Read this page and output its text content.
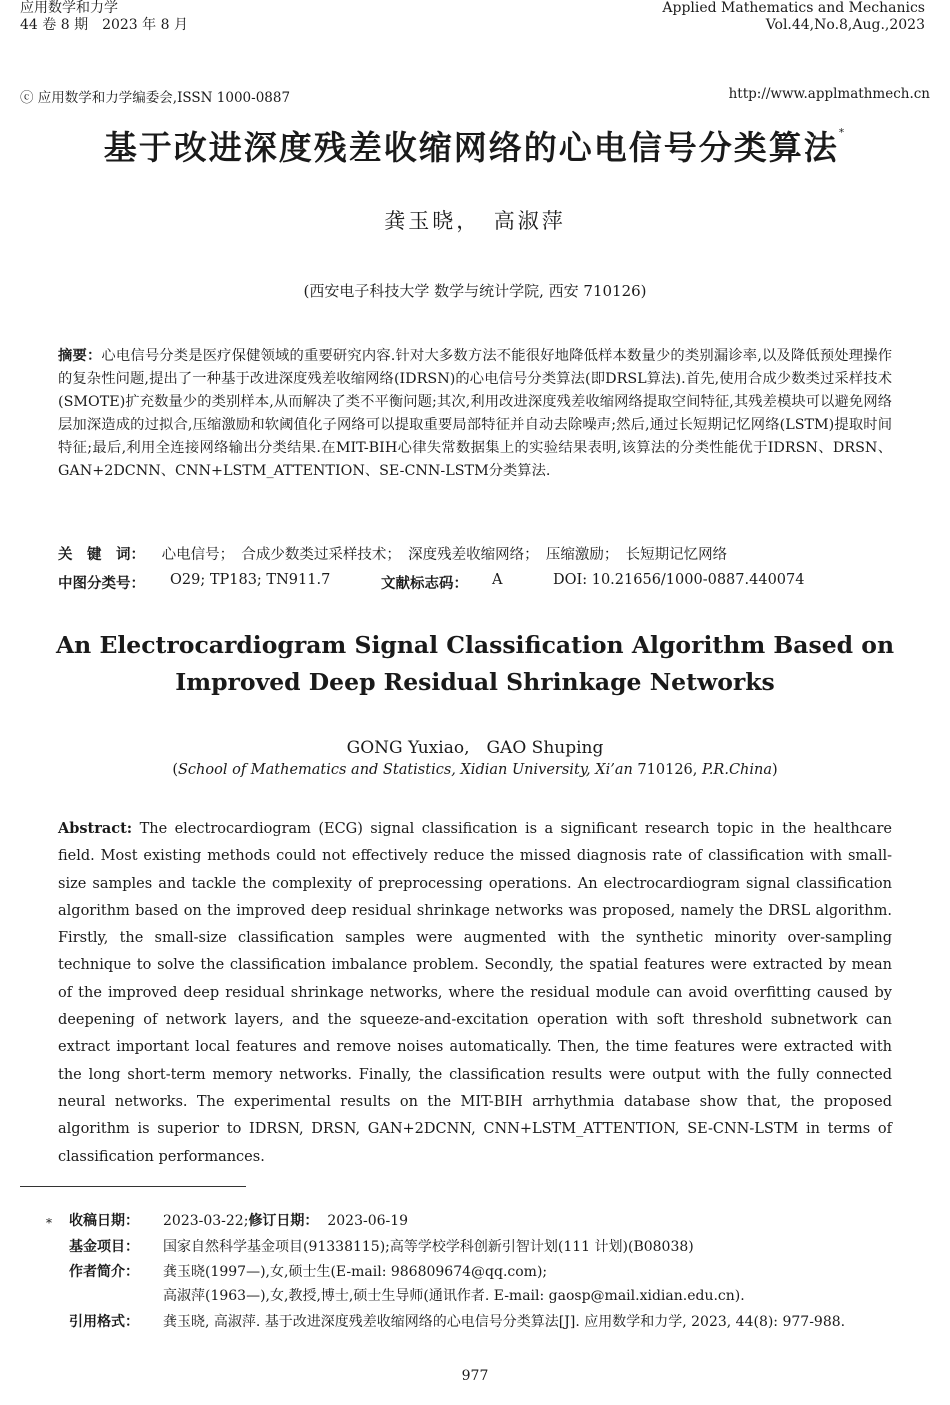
应用数学和力学
44 卷 8 期　2023 年 8 月
Applied Mathematics and Mechanics
Vol.44,No.8,Aug.,2023
ⓒ 应用数学和力学编委会,ISSN 1000-0887	http://www.applmathmech.cn
基于改进深度残差收缩网络的心电信号分类算法*
龚玉晓，　高淑萍
(西安电子科技大学 数学与统计学院, 西安 710126)
摘要：心电信号分类是医疗保健领域的重要研究内容.针对大多数方法不能很好地降低样本数量少的类别漏诊率,以及降低预处理操作的复杂性问题,提出了一种基于改进深度残差收缩网络(IDRSN)的心电信号分类算法(即DRSL算法).首先,使用合成少数类过采样技术(SMOTE)扩充数量少的类别样本,从而解决了类不平衡问题;其次,利用改进深度残差收缩网络提取空间特征,其残差模块可以避免网络层加深造成的过拟合,压缩激励和软阈值化子网络可以提取重要局部特征并自动去除噪声;然后,通过长短期记忆网络(LSTM)提取时间特征;最后,利用全连接网络输出分类结果.在MIT-BIH心律失常数据集上的实验结果表明,该算法的分类性能优于IDRSN、DRSN、GAN+2DCNN、CNN+LSTM_ATTENTION、SE-CNN-LSTM分类算法.
关　键　词： 心电信号；　合成少数类过采样技术；　深度残差收缩网络；　压缩激励；　长短期记忆网络
中图分类号： O29; TP183; TN911.7	文献标志码： A	DOI: 10.21656/1000-0887.440074
An Electrocardiogram Signal Classification Algorithm Based on
Improved Deep Residual Shrinkage Networks
GONG Yuxiao,　GAO Shuping
(School of Mathematics and Statistics, Xidian University, Xi’an 710126, P.R.China)
Abstract: The electrocardiogram (ECG) signal classification is a significant research topic in the healthcare field. Most existing methods could not effectively reduce the missed diagnosis rate of classification with small-size samples and tackle the complexity of preprocessing operations. An electrocardiogram signal classification algorithm based on the improved deep residual shrinkage networks was proposed, namely the DRSL algorithm. Firstly, the small-size classification samples were augmented with the synthetic minority over-sampling technique to solve the classification imbalance problem. Secondly, the spatial features were extracted by mean of the improved deep residual shrinkage networks, where the residual module can avoid overfitting caused by deepening of network layers, and the squeeze-and-excitation operation with soft threshold subnetwork can extract important local features and remove noises automatically. Then, the time features were extracted with the long short-term memory networks. Finally, the classification results were output with the fully connected neural networks. The experimental results on the MIT-BIH arrhythmia database show that, the proposed algorithm is superior to IDRSN, DRSN, GAN+2DCNN, CNN+LSTM_ATTENTION, SE-CNN-LSTM in terms of classification performances.
* 收稿日期：	2023-03-22;修订日期： 2023-06-19
基金项目：	国家自然科学基金项目(91338115);高等学校学科创新引智计划(111 计划)(B08038)
作者简介：	龚玉晓(1997—),女,硕士生(E-mail: 986809674@qq.com);
高淑萍(1963—),女,教授,博士,硕士生导师(通讯作者. E-mail: gaosp@mail.xidian.edu.cn).
引用格式：	龚玉晓, 高淑萍. 基于改进深度残差收缩网络的心电信号分类算法[J]. 应用数学和力学, 2023, 44(8): 977-988.
977
